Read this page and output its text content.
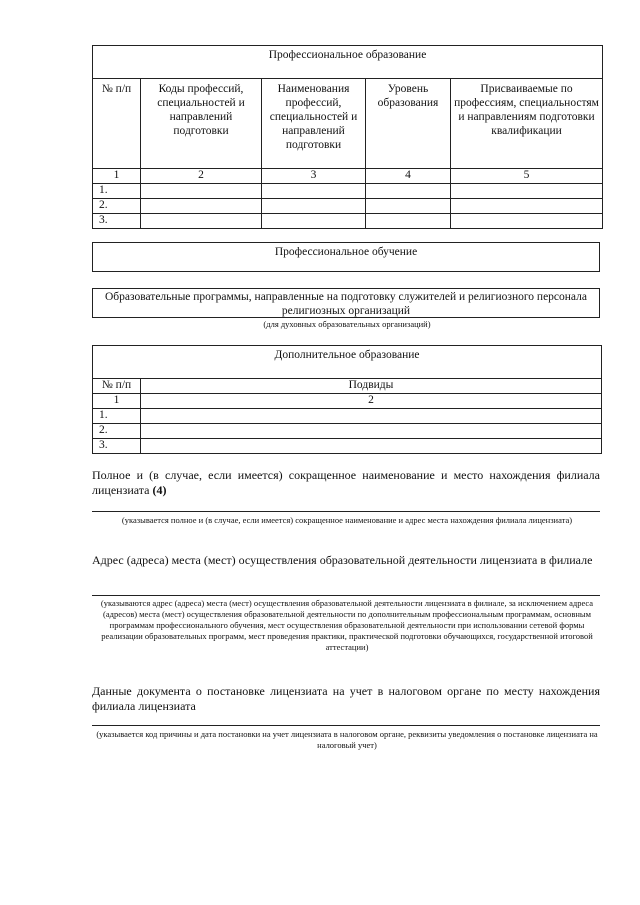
Профессиональное образование				
№ п/п	Коды профессий, специальностей и направлений подготовки	Наименования профессий, специальностей и направлений подготовки	Уровень образования	Присваиваемые по профессиям, специальностям и направлениям подготовки квалификации
1	2	3	4	5
1.				
2.				
3.				
Профессиональное обучение
Образовательные программы, направленные на подготовку служителей и религиозного персонала религиозных организаций
(для духовных образовательных организаций)
Дополнительное образование	
№ п/п	Подвиды
1	2
1.	
2.	
3.	
Полное и (в случае, если имеется) сокращенное наименование и место нахождения филиала лицензиата (4)
(указывается полное и (в случае, если имеется) сокращенное наименование и адрес места нахождения филиала лицензиата)
Адрес (адреса) места (мест) осуществления образовательной деятельности лицензиата в филиале
(указываются адрес (адреса) места (мест) осуществления образовательной деятельности лицензиата в филиале, за исключением адреса (адресов) места (мест) осуществления образовательной деятельности по дополнительным профессиональным программам, основным программам профессионального обучения, мест осуществления образовательной деятельности при использовании сетевой формы реализации образовательных программ, мест проведения практики, практической подготовки обучающихся, государственной итоговой аттестации)
Данные документа о постановке лицензиата на учет в налоговом органе по месту нахождения филиала лицензиата
(указывается код причины и дата постановки на учет лицензиата в налоговом органе, реквизиты уведомления о постановке лицензиата на налоговый учет)
